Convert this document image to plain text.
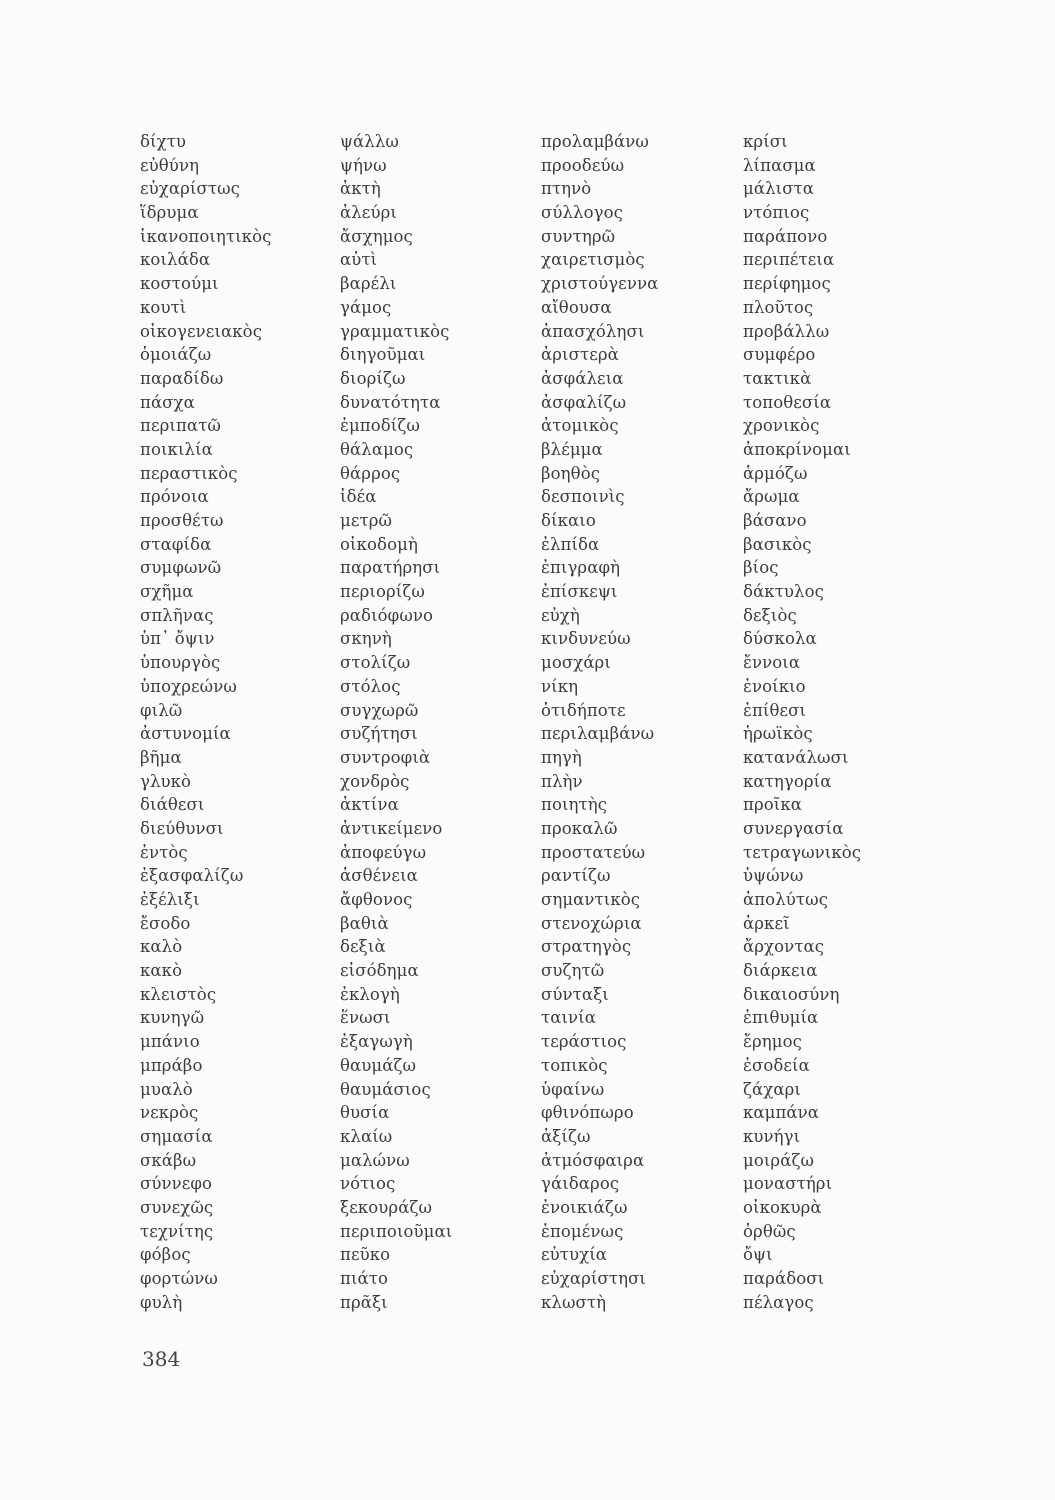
δίχτυ
εὐθύνη
εὐχαρίστως
ἵδρυμα
ἱκανοποιητικὸς
κοιλάδα
κοστούμι
κουτὶ
οἰκογενειακὸς
ὁμοιάζω
παραδίδω
πάσχα
περιπατῶ
ποικιλία
περαστικὸς
πρόνοια
προσθέτω
σταφίδα
συμφωνῶ
σχῆμα
σπλῆνας
ὑπ᾽ ὄψιν
ὑπουργὸς
ὑποχρεώνω
φιλῶ
ἀστυνομία
βῆμα
γλυκὸ
διάθεσι
διεύθυνσι
ἐντὸς
ἐξασφαλίζω
ἐξέλιξι
ἔσοδο
καλὸ
κακὸ
κλειστὸς
κυνηγῶ
μπάνιο
μπράβο
μυαλὸ
νεκρὸς
σημασία
σκάβω
σύννεφο
συνεχῶς
τεχνίτης
φόβος
φορτώνω
φυλὴ
ψάλλω
ψήνω
ἀκτὴ
ἀλεύρι
ἄσχημος
αὐτὶ
βαρέλι
γάμος
γραμματικὸς
διηγοῦμαι
διορίζω
δυνατότητα
ἐμποδίζω
θάλαμος
θάρρος
ἰδέα
μετρῶ
οἰκοδομὴ
παρατήρησι
περιορίζω
ραδιόφωνο
σκηνὴ
στολίζω
στόλος
συγχωρῶ
συζήτησι
συντροφιὰ
χονδρὸς
ἀκτίνα
ἀντικείμενο
ἀποφεύγω
ἀσθένεια
ἄφθονος
βαθιὰ
δεξιὰ
εἰσόδημα
ἐκλογὴ
ἕνωσι
ἐξαγωγὴ
θαυμάζω
θαυμάσιος
θυσία
κλαίω
μαλώνω
νότιος
ξεκουράζω
περιποιοῦμαι
πεῦκο
πιάτο
πρᾶξι
προλαμβάνω
προοδεύω
πτηνὸ
σύλλογος
συντηρῶ
χαιρετισμὸς
χριστούγεννα
αἴθουσα
ἀπασχόλησι
ἀριστερὰ
ἀσφάλεια
ἀσφαλίζω
ἀτομικὸς
βλέμμα
βοηθὸς
δεσποινὶς
δίκαιο
ἐλπίδα
ἐπιγραφὴ
ἐπίσκεψι
εὐχὴ
κινδυνεύω
μοσχάρι
νίκη
ὁτιδήποτε
περιλαμβάνω
πηγὴ
πλὴν
ποιητὴς
προκαλῶ
προστατεύω
ραντίζω
σημαντικὸς
στενοχώρια
στρατηγὸς
συζητῶ
σύνταξι
ταινία
τεράστιος
τοπικὸς
ὑφαίνω
φθινόπωρο
ἀξίζω
ἀτμόσφαιρα
γάιδαρος
ἐνοικιάζω
ἑπομένως
εὐτυχία
εὐχαρίστησι
κλωστὴ
κρίσι
λίπασμα
μάλιστα
ντόπιος
παράπονο
περιπέτεια
περίφημος
πλοῦτος
προβάλλω
συμφέρο
τακτικὰ
τοποθεσία
χρονικὸς
ἀποκρίνομαι
ἁρμόζω
ἄρωμα
βάσανο
βασικὸς
βίος
δάκτυλος
δεξιὸς
δύσκολα
ἔννοια
ἐνοίκιο
ἐπίθεσι
ἡρωϊκὸς
κατανάλωσι
κατηγορία
προῖκα
συνεργασία
τετραγωνικὸς
ὑψώνω
ἀπολύτως
ἀρκεῖ
ἄρχοντας
διάρκεια
δικαιοσύνη
ἐπιθυμία
ἔρημος
ἐσοδεία
ζάχαρι
καμπάνα
κυνήγι
μοιράζω
μοναστήρι
οἰκοκυρὰ
ὀρθῶς
ὄψι
παράδοσι
πέλαγος
384
